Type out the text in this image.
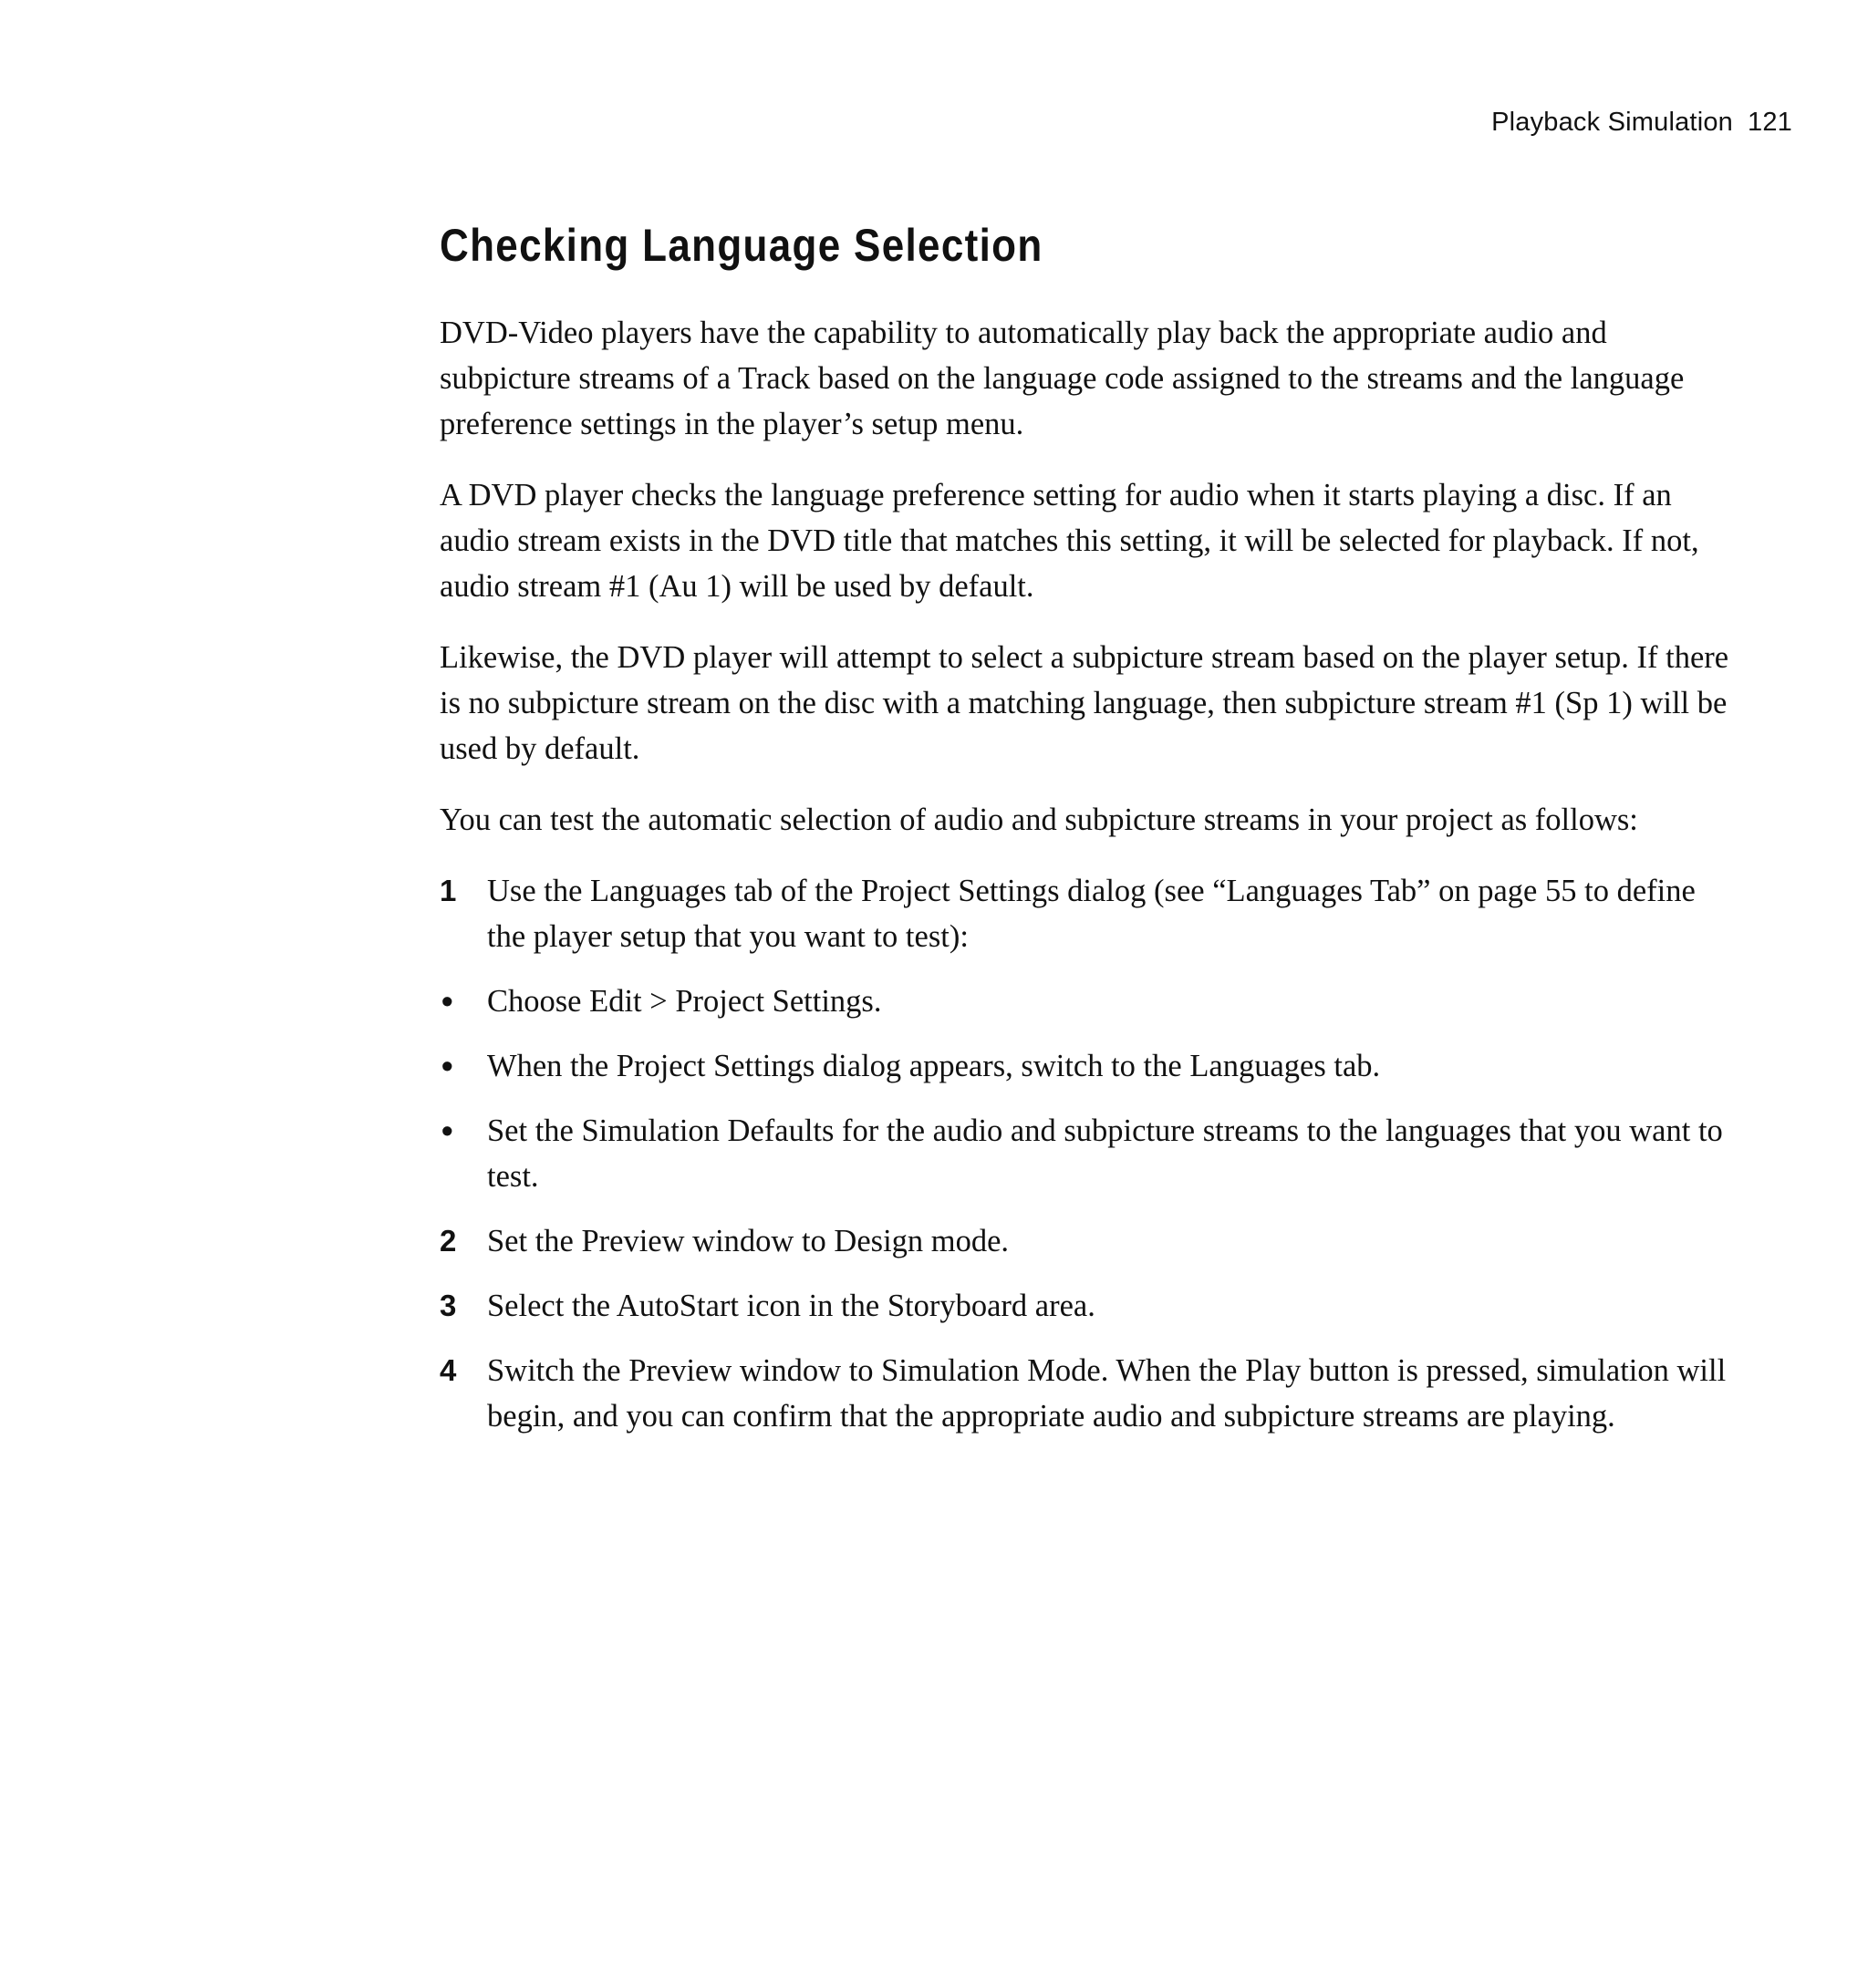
Playback Simulation 121
Checking Language Selection

DVD-Video players have the capability to automatically play back the appropriate audio and subpicture streams of a Track based on the language code assigned to the streams and the language preference settings in the player’s setup menu.

A DVD player checks the language preference setting for audio when it starts playing a disc. If an audio stream exists in the DVD title that matches this setting, it will be selected for playback. If not, audio stream #1 (Au 1) will be used by default.

Likewise, the DVD player will attempt to select a subpicture stream based on the player setup. If there is no subpicture stream on the disc with a matching language, then subpicture stream #1 (Sp 1) will be used by default.

You can test the automatic selection of audio and subpicture streams in your project as follows:

1 Use the Languages tab of the Project Settings dialog (see “Languages Tab” on page 55 to define the player setup that you want to test):
• Choose Edit > Project Settings.
• When the Project Settings dialog appears, switch to the Languages tab.
• Set the Simulation Defaults for the audio and subpicture streams to the languages that you want to test.
2 Set the Preview window to Design mode.
3 Select the AutoStart icon in the Storyboard area.
4 Switch the Preview window to Simulation Mode. When the Play button is pressed, simulation will begin, and you can confirm that the appropriate audio and subpicture streams are playing.
